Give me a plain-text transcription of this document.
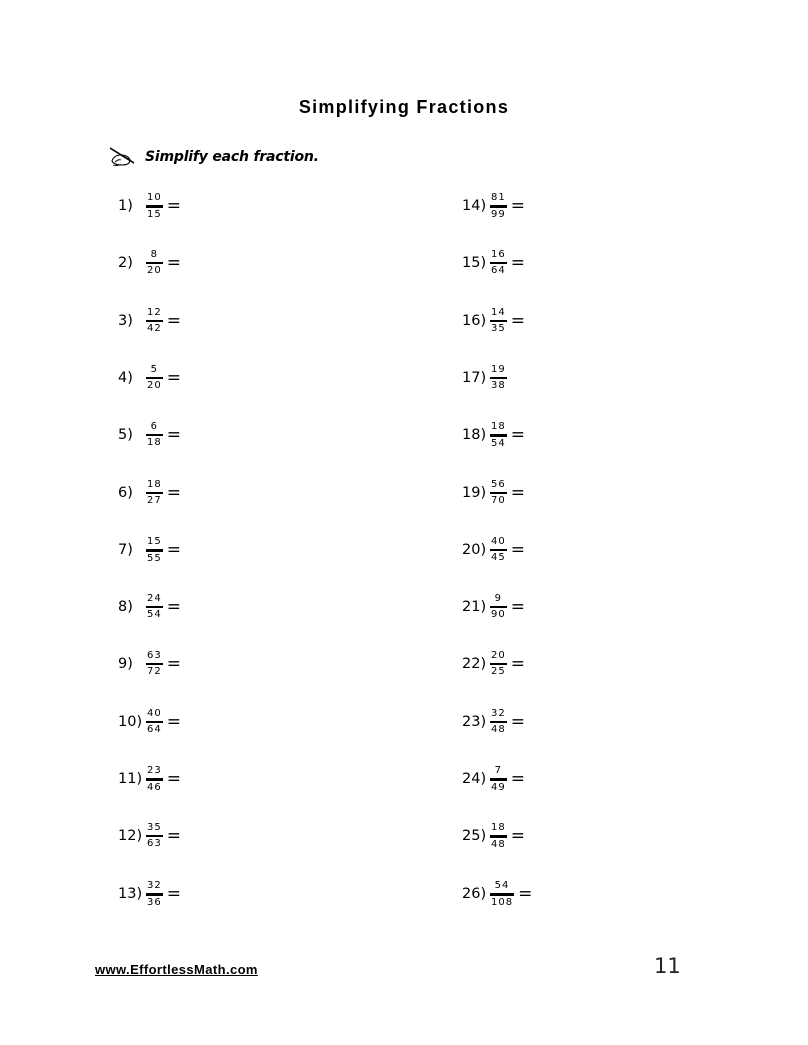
Simplifying Fractions
Simplify each fraction.
1)	$\frac{10}{15}$ =
2)	$\frac{8}{20}$ =
3)	$\frac{12}{42}$ =
4)	$\frac{5}{20}$ =
5)	$\frac{6}{18}$ =
6)	$\frac{18}{27}$ =
7)	$\frac{15}{55}$ =
8)	$\frac{24}{54}$ =
9)	$\frac{63}{72}$ =
$10) \frac{40}{64}$ =
$11) \frac{23}{46}$ =
$12) \frac{35}{63}$ =
$13) \frac{32}{36}$ =
$14) \frac{81}{99}$ =
$15) \frac{16}{64}$ =
$16) \frac{14}{35}$ =
$17) \frac{19}{38}$
$18) \frac{18}{54}$ =
$19) \frac{56}{70}$ =
$20) \frac{40}{45}$ =
$21) \frac{9}{90}$ =
$22) \frac{20}{25}$ =
$23) \frac{32}{48}$ =
$24) \frac{7}{49}$ =
$25) \frac{18}{48}$ =
$26) \frac{54}{108}$ =
www.EffortlessMath.com	11
